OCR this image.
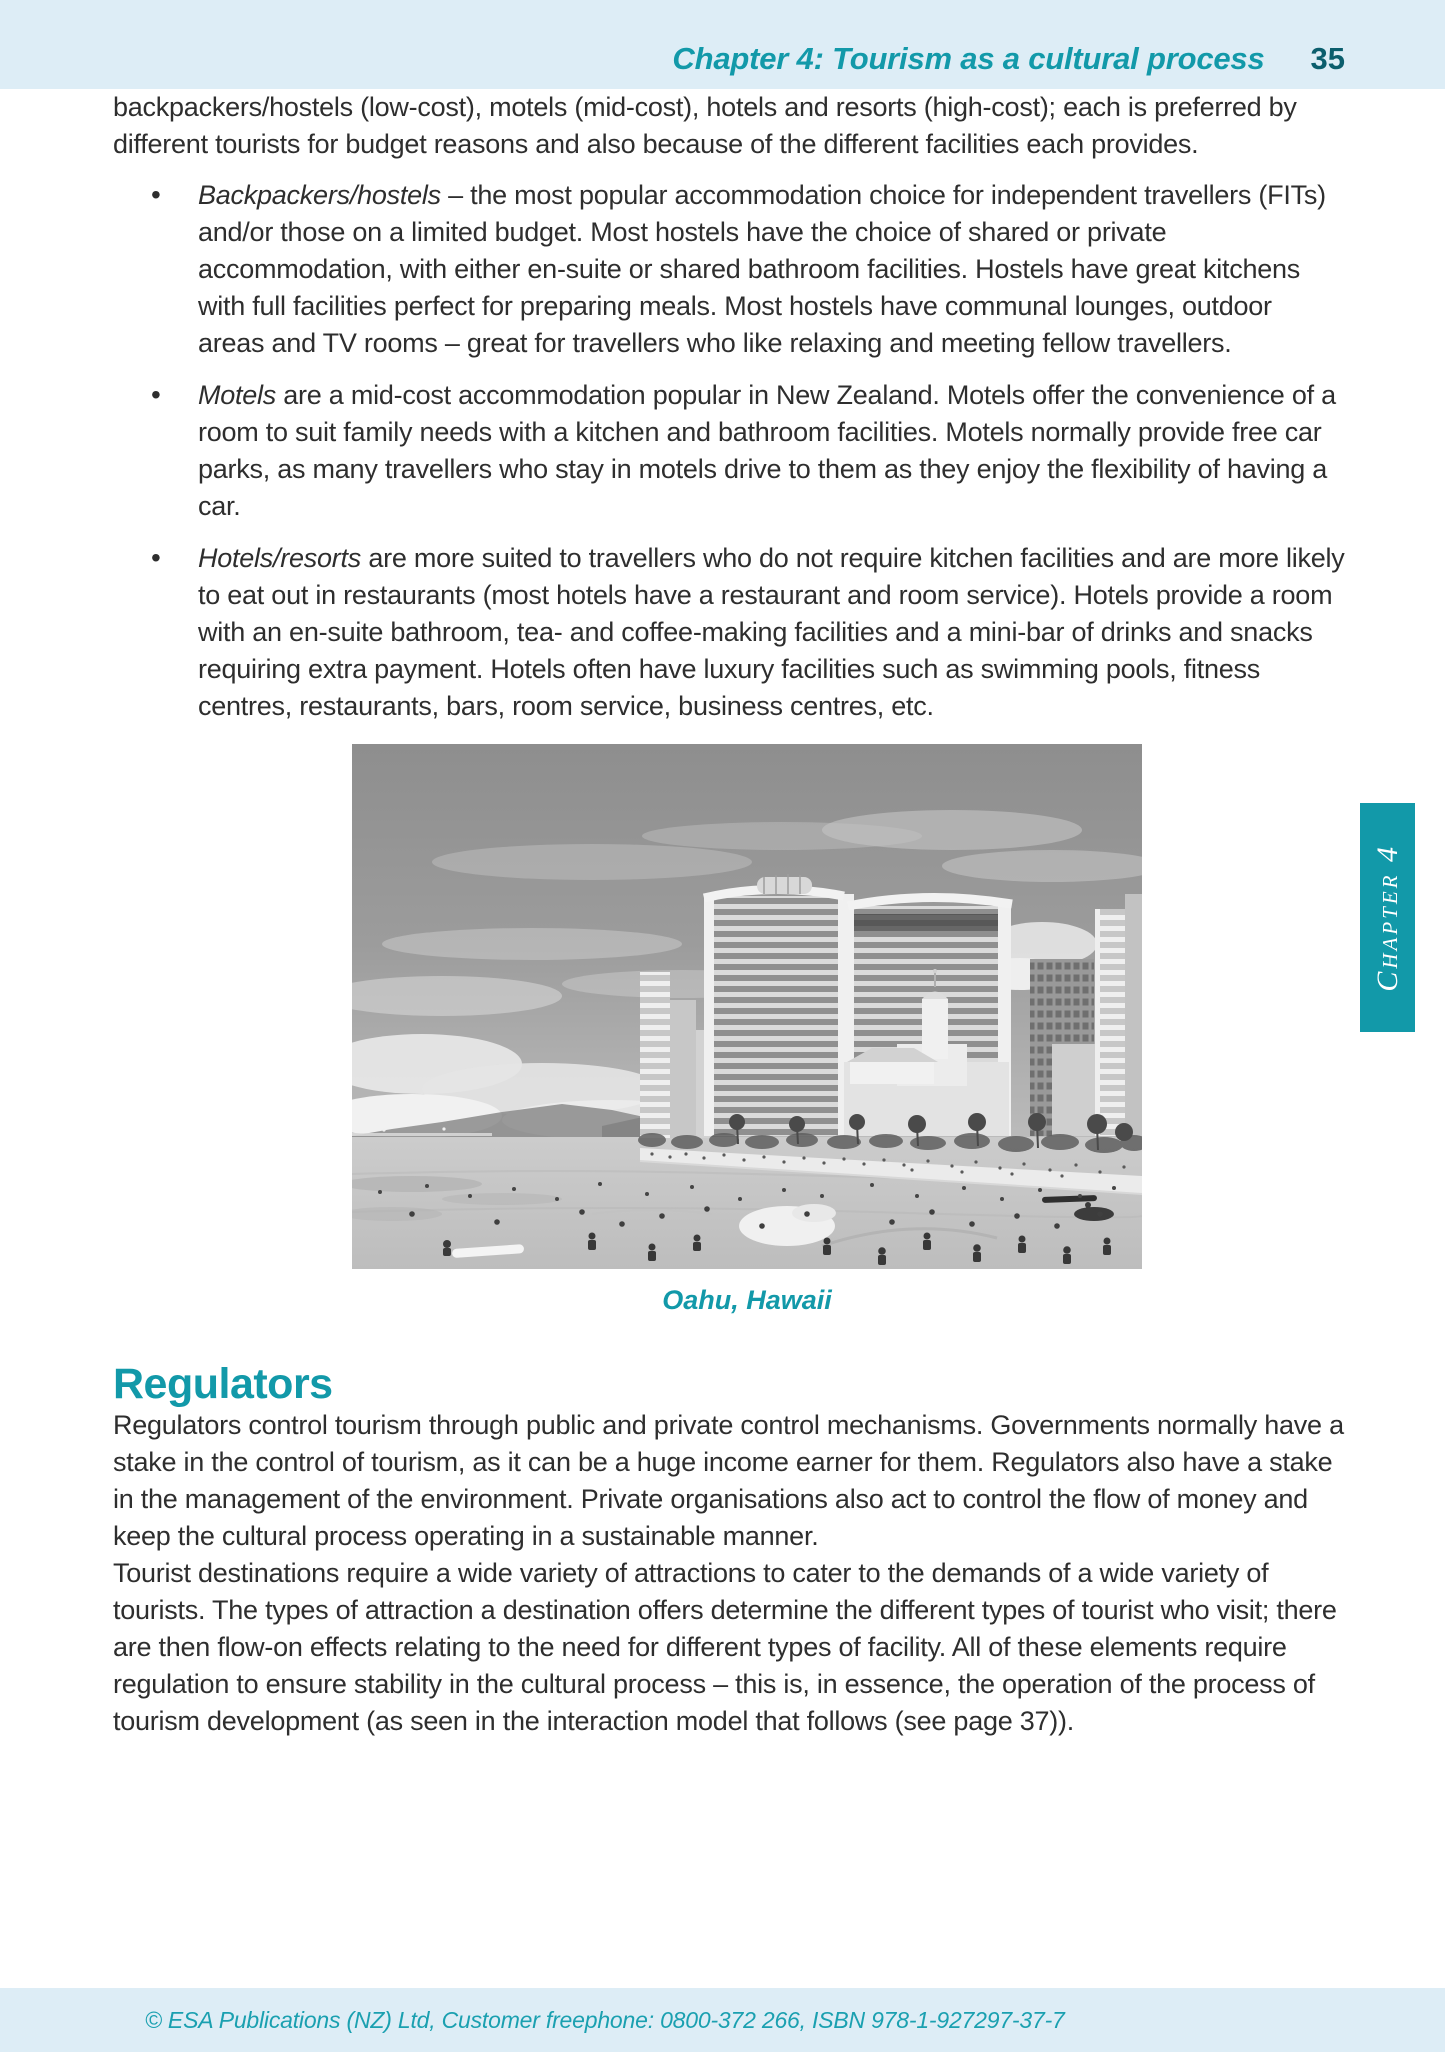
Chapter 4: Tourism as a cultural process 35

backpackers/hostels (low-cost), motels (mid-cost), hotels and resorts (high-cost); each is preferred by different tourists for budget reasons and also because of the different facilities each provides.

• Backpackers/hostels – the most popular accommodation choice for independent travellers (FITs) and/or those on a limited budget. Most hostels have the choice of shared or private accommodation, with either en-suite or shared bathroom facilities. Hostels have great kitchens with full facilities perfect for preparing meals. Most hostels have communal lounges, outdoor areas and TV rooms – great for travellers who like relaxing and meeting fellow travellers.
• Motels are a mid-cost accommodation popular in New Zealand. Motels offer the convenience of a room to suit family needs with a kitchen and bathroom facilities. Motels normally provide free car parks, as many travellers who stay in motels drive to them as they enjoy the flexibility of having a car.
• Hotels/resorts are more suited to travellers who do not require kitchen facilities and are more likely to eat out in restaurants (most hotels have a restaurant and room service). Hotels provide a room with an en-suite bathroom, tea- and coffee-making facilities and a mini-bar of drinks and snacks requiring extra payment. Hotels often have luxury facilities such as swimming pools, fitness centres, restaurants, bars, room service, business centres, etc.
Oahu, Hawaii
Regulators

Regulators control tourism through public and private control mechanisms. Governments normally have a stake in the control of tourism, as it can be a huge income earner for them. Regulators also have a stake in the management of the environment. Private organisations also act to control the flow of money and keep the cultural process operating in a sustainable manner.

Tourist destinations require a wide variety of attractions to cater to the demands of a wide variety of tourists. The types of attraction a destination offers determine the different types of tourist who visit; there are then flow-on effects relating to the need for different types of facility. All of these elements require regulation to ensure stability in the cultural process – this is, in essence, the operation of the process of tourism development (as seen in the interaction model that follows (see page 37)).

Chapter 4
© ESA Publications (NZ) Ltd, Customer freephone: 0800-372 266, ISBN 978-1-927297-37-7
